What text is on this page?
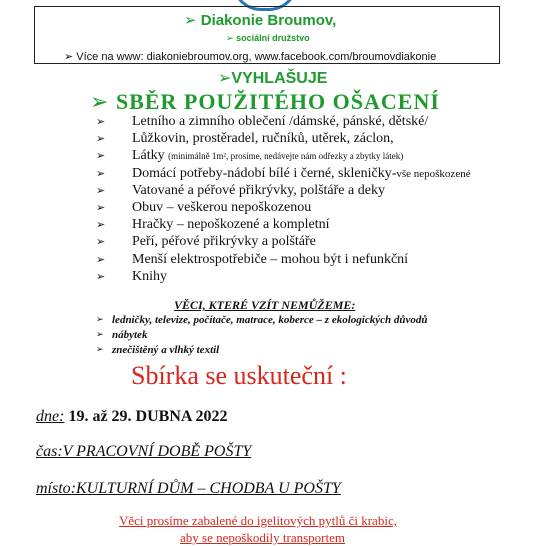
➢ Diakonie Broumov,
➢ sociální družstvo
➢ Více na www: diakoniebroumov.org, www.facebook.com/broumovdiakonie
➢VYHLAŠUJE
➢ SBĚR POUŽITÉHO OŠACENÍ
➢ Letního a zimního oblečení /dámské, pánské, dětské/
➢ Lůžkovin, prostěradel, ručníků, utěrek, záclon,
➢ Látky (minimálně 1m², prosíme, nedávejte nám odřezky a zbytky látek)
➢ Domácí potřeby-nádobí bílé i černé, skleničky-vše nepoškozené
➢ Vatované a péřové přikrývky, polštáře a deky
➢ Obuv – veškerou nepoškozenou
➢ Hračky – nepoškozené a kompletní
➢ Peří, péřové přikrývky a polštáře
➢ Menší elektrospotřebiče – mohou být i nefunkční
➢ Knihy
VĚCI, KTERÉ VZÍT NEMŮŽEME:
➢ ledničky, televize, počítače, matrace, koberce – z ekologických důvodů
➢ nábytek
➢ znečištěný a vlhký textil
Sbírka se uskuteční :
dne: 19. až 29. DUBNA 2022
čas:V PRACOVNÍ DOBĚ POŠTY
místo:KULTURNÍ DŮM – CHODBA U POŠTY
Věci prosíme zabalené do igelitových pytlů či krabic,
aby se nepoškodily transportem
